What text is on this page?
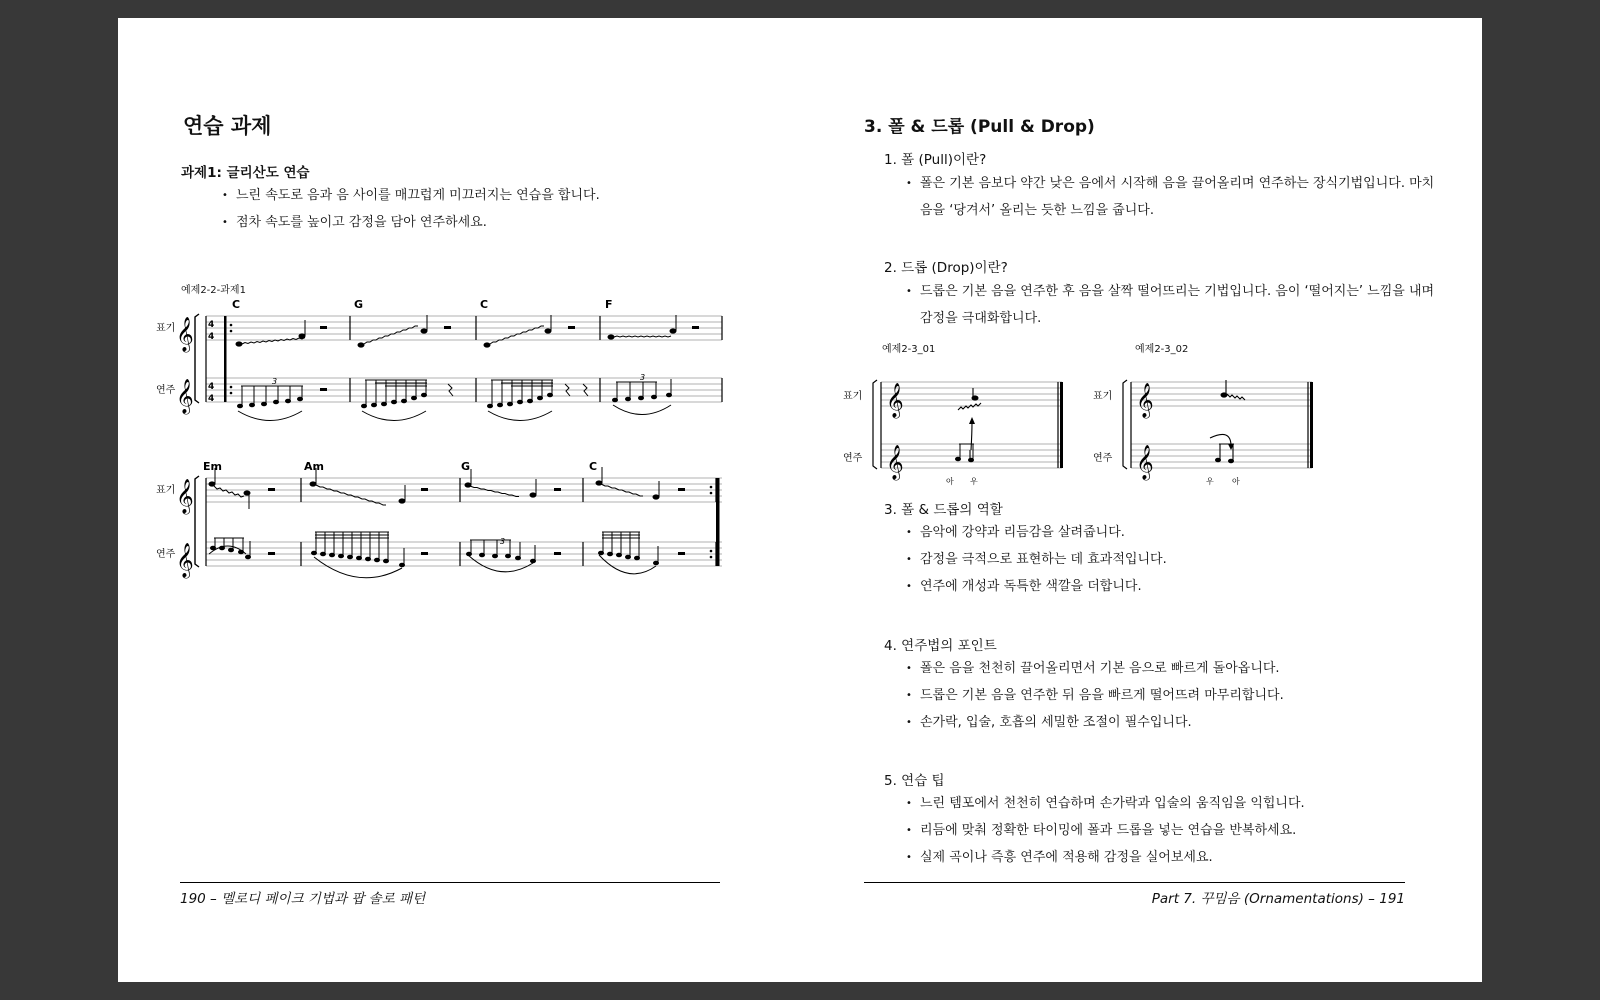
연습 과제
과제1: 글리산도 연습
• 느린 속도로 음과 음 사이를 매끄럽게 미끄러지는 연습을 합니다.
• 점차 속도를 높이고 감정을 담아 연주하세요.
예제2-2-과제1
𝄞
𝄞
𝄞
𝄞
4
4
4
4
표기
연주
표기
연주
C	G	C	F
Em	Am	G	C
3	3
3
190 – 멜로디 페이크 기법과 팝 솔로 패턴
3. 폴 & 드롭 (Pull & Drop)
1. 폴 (Pull)이란?
• 폴은 기본 음보다 약간 낮은 음에서 시작해 음을 끌어올리며 연주하는 장식기법입니다. 마치
음을 ‘당겨서’ 올리는 듯한 느낌을 줍니다.
2. 드롭 (Drop)이란?
• 드롭은 기본 음을 연주한 후 음을 살짝 떨어뜨리는 기법입니다. 음이 ‘떨어지는’ 느낌을 내며
감정을 극대화합니다.
예제2-3_01	예제2-3_02
𝄞
𝄞
𝄞
𝄞
표기
연주
표기
연주
아 우	우 아
3. 폴 & 드롭의 역할
• 음악에 강약과 리듬감을 살려줍니다.
• 감정을 극적으로 표현하는 데 효과적입니다.
• 연주에 개성과 독특한 색깔을 더합니다.
4. 연주법의 포인트
• 폴은 음을 천천히 끌어올리면서 기본 음으로 빠르게 돌아옵니다.
• 드롭은 기본 음을 연주한 뒤 음을 빠르게 떨어뜨려 마무리합니다.
• 손가락, 입술, 호흡의 세밀한 조절이 필수입니다.
5. 연습 팁
• 느린 템포에서 천천히 연습하며 손가락과 입술의 움직임을 익힙니다.
• 리듬에 맞춰 정확한 타이밍에 폴과 드롭을 넣는 연습을 반복하세요.
• 실제 곡이나 즉흥 연주에 적용해 감정을 실어보세요.
Part 7. 꾸밈음 (Ornamentations) – 191
